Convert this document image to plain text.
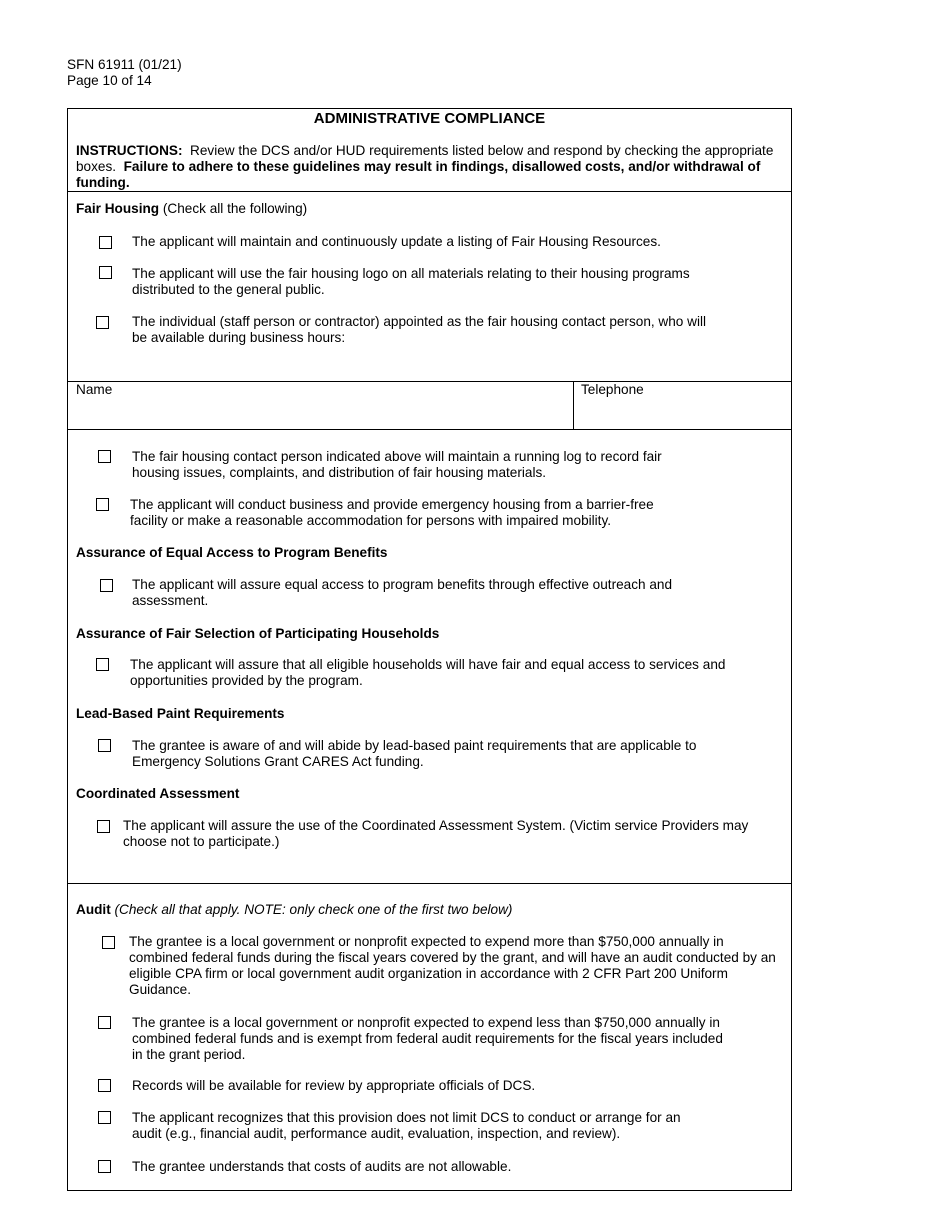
SFN 61911 (01/21)
Page 10 of 14
ADMINISTRATIVE COMPLIANCE
INSTRUCTIONS: Review the DCS and/or HUD requirements listed below and respond by checking the appropriate boxes. Failure to adhere to these guidelines may result in findings, disallowed costs, and/or withdrawal of funding.
Fair Housing (Check all the following)
The applicant will maintain and continuously update a listing of Fair Housing Resources.
The applicant will use the fair housing logo on all materials relating to their housing programs distributed to the general public.
The individual (staff person or contractor) appointed as the fair housing contact person, who will be available during business hours:
Name	Telephone
The fair housing contact person indicated above will maintain a running log to record fair housing issues, complaints, and distribution of fair housing materials.
The applicant will conduct business and provide emergency housing from a barrier-free facility or make a reasonable accommodation for persons with impaired mobility.
Assurance of Equal Access to Program Benefits
The applicant will assure equal access to program benefits through effective outreach and assessment.
Assurance of Fair Selection of Participating Households
The applicant will assure that all eligible households will have fair and equal access to services and opportunities provided by the program.
Lead-Based Paint Requirements
The grantee is aware of and will abide by lead-based paint requirements that are applicable to Emergency Solutions Grant CARES Act funding.
Coordinated Assessment
The applicant will assure the use of the Coordinated Assessment System. (Victim service Providers may choose not to participate.)
Audit (Check all that apply. NOTE: only check one of the first two below)
The grantee is a local government or nonprofit expected to expend more than $750,000 annually in combined federal funds during the fiscal years covered by the grant, and will have an audit conducted by an eligible CPA firm or local government audit organization in accordance with 2 CFR Part 200 Uniform Guidance.
The grantee is a local government or nonprofit expected to expend less than $750,000 annually in combined federal funds and is exempt from federal audit requirements for the fiscal years included in the grant period.
Records will be available for review by appropriate officials of DCS.
The applicant recognizes that this provision does not limit DCS to conduct or arrange for an audit (e.g., financial audit, performance audit, evaluation, inspection, and review).
The grantee understands that costs of audits are not allowable.
